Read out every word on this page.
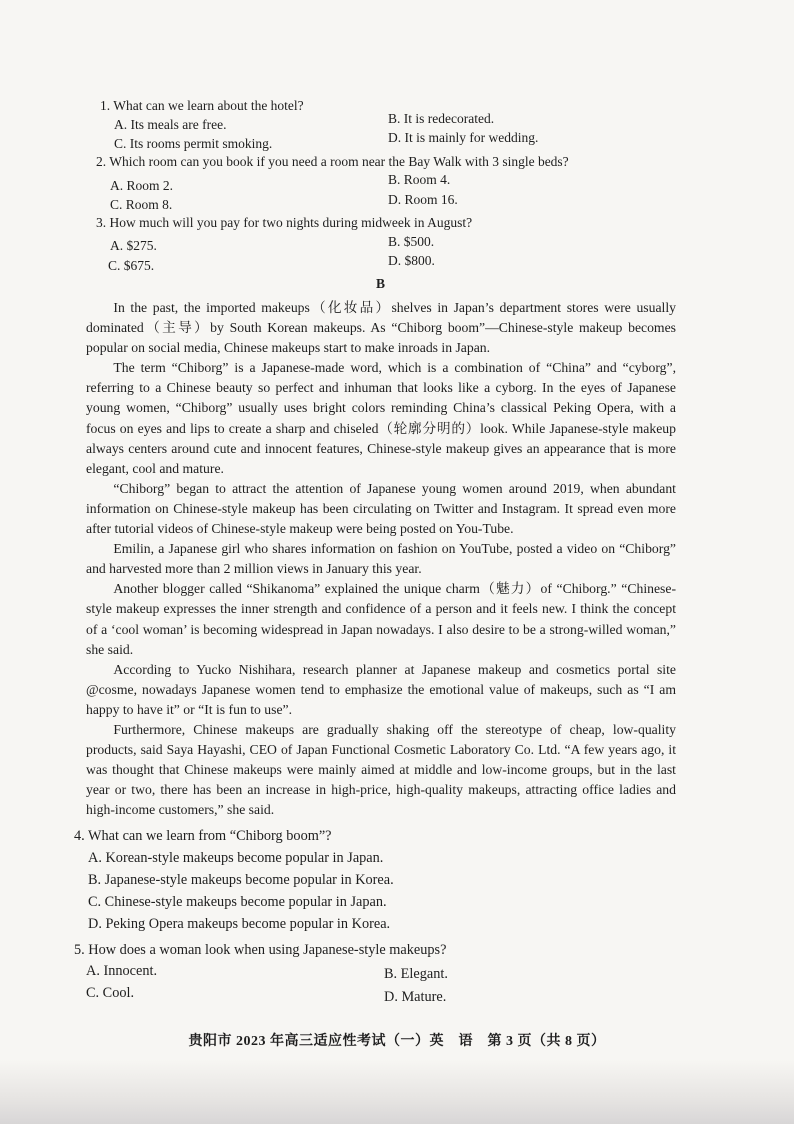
1. What can we learn about the hotel?
A. Its meals are free.	B. It is redecorated.
C. Its rooms permit smoking.	D. It is mainly for wedding.
2. Which room can you book if you need a room near the Bay Walk with 3 single beds?
A. Room 2.	B. Room 4.
C. Room 8.	D. Room 16.
3. How much will you pay for two nights during midweek in August?
A. $275.	B. $500.
C. $675.	D. $800.
B

In the past, the imported makeups（化妆品）shelves in Japan’s department stores were usually dominated（主导）by South Korean makeups. As “Chiborg boom”—Chinese-style makeup becomes popular on social media, Chinese makeups start to make inroads in Japan.

The term “Chiborg” is a Japanese-made word, which is a combination of “China” and “cyborg”, referring to a Chinese beauty so perfect and inhuman that looks like a cyborg. In the eyes of Japanese young women, “Chiborg” usually uses bright colors reminding China’s classical Peking Opera, with a focus on eyes and lips to create a sharp and chiseled（轮廓分明的）look. While Japanese-style makeup always centers around cute and innocent features, Chinese-style makeup gives an appearance that is more elegant, cool and mature.

“Chiborg” began to attract the attention of Japanese young women around 2019, when abundant information on Chinese-style makeup has been circulating on Twitter and Instagram. It spread even more after tutorial videos of Chinese-style makeup were being posted on You-Tube.

Emilin, a Japanese girl who shares information on fashion on YouTube, posted a video on “Chiborg” and harvested more than 2 million views in January this year.

Another blogger called “Shikanoma” explained the unique charm（魅力）of “Chiborg.” “Chinese-style makeup expresses the inner strength and confidence of a person and it feels new. I think the concept of a ‘cool woman’ is becoming widespread in Japan nowadays. I also desire to be a strong-willed woman,” she said.

According to Yucko Nishihara, research planner at Japanese makeup and cosmetics portal site @cosme, nowadays Japanese women tend to emphasize the emotional value of makeups, such as “I am happy to have it” or “It is fun to use”.

Furthermore, Chinese makeups are gradually shaking off the stereotype of cheap, low-quality products, said Saya Hayashi, CEO of Japan Functional Cosmetic Laboratory Co. Ltd. “A few years ago, it was thought that Chinese makeups were mainly aimed at middle and low-income groups, but in the last year or two, there has been an increase in high-price, high-quality makeups, attracting office ladies and high-income customers,” she said.

4. What can we learn from “Chiborg boom”?
A. Korean-style makeups become popular in Japan.
B. Japanese-style makeups become popular in Korea.
C. Chinese-style makeups become popular in Japan.
D. Peking Opera makeups become popular in Korea.
5. How does a woman look when using Japanese-style makeups?
A. Innocent.	B. Elegant.
C. Cool.	D. Mature.
贵阳市 2023 年高三适应性考试（一）英　语　第 3 页（共 8 页）
